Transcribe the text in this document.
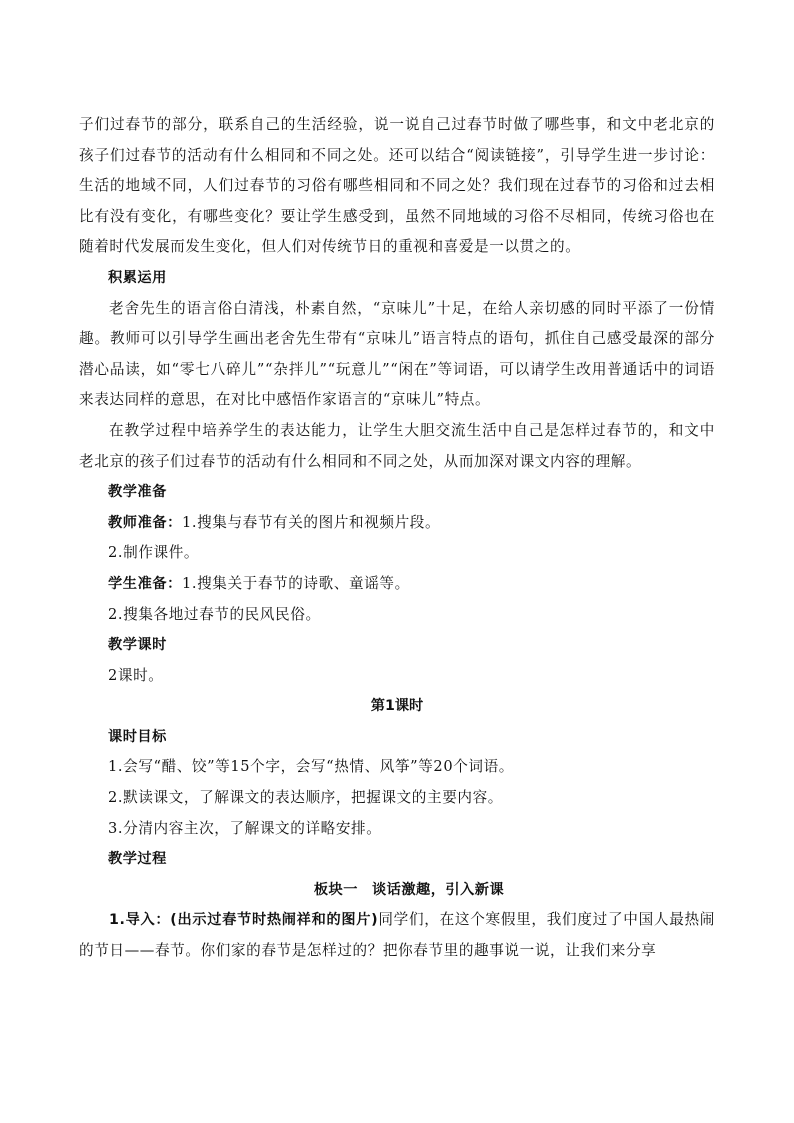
子们过春节的部分，联系自己的生活经验，说一说自己过春节时做了哪些事，和文中老北京的孩子们过春节的活动有什么相同和不同之处。还可以结合“阅读链接”，引导学生进一步讨论：生活的地域不同，人们过春节的习俗有哪些相同和不同之处？我们现在过春节的习俗和过去相比有没有变化，有哪些变化？要让学生感受到，虽然不同地域的习俗不尽相同，传统习俗也在随着时代发展而发生变化，但人们对传统节日的重视和喜爱是一以贯之的。

积累运用

老舍先生的语言俗白清浅，朴素自然，“京味儿”十足，在给人亲切感的同时平添了一份情趣。教师可以引导学生画出老舍先生带有“京味儿”语言特点的语句，抓住自己感受最深的部分潜心品读，如“零七八碎儿”“杂拌儿”“玩意儿”“闲在”等词语，可以请学生改用普通话中的词语来表达同样的意思，在对比中感悟作家语言的“京味儿”特点。

在教学过程中培养学生的表达能力，让学生大胆交流生活中自己是怎样过春节的，和文中老北京的孩子们过春节的活动有什么相同和不同之处，从而加深对课文内容的理解。

教学准备

教师准备：1.搜集与春节有关的图片和视频片段。

2.制作课件。

学生准备：1.搜集关于春节的诗歌、童谣等。

2.搜集各地过春节的民风民俗。

教学课时

2课时。

第1课时

课时目标

1.会写“醋、饺”等15个字，会写“热情、风筝”等20个词语。

2.默读课文，了解课文的表达顺序，把握课文的主要内容。

3.分清内容主次，了解课文的详略安排。

教学过程

板块一 谈话激趣，引入新课

1.导入：(出示过春节时热闹祥和的图片)同学们，在这个寒假里，我们度过了中国人最热闹的节日——春节。你们家的春节是怎样过的？把你春节里的趣事说一说，让我们来分享
